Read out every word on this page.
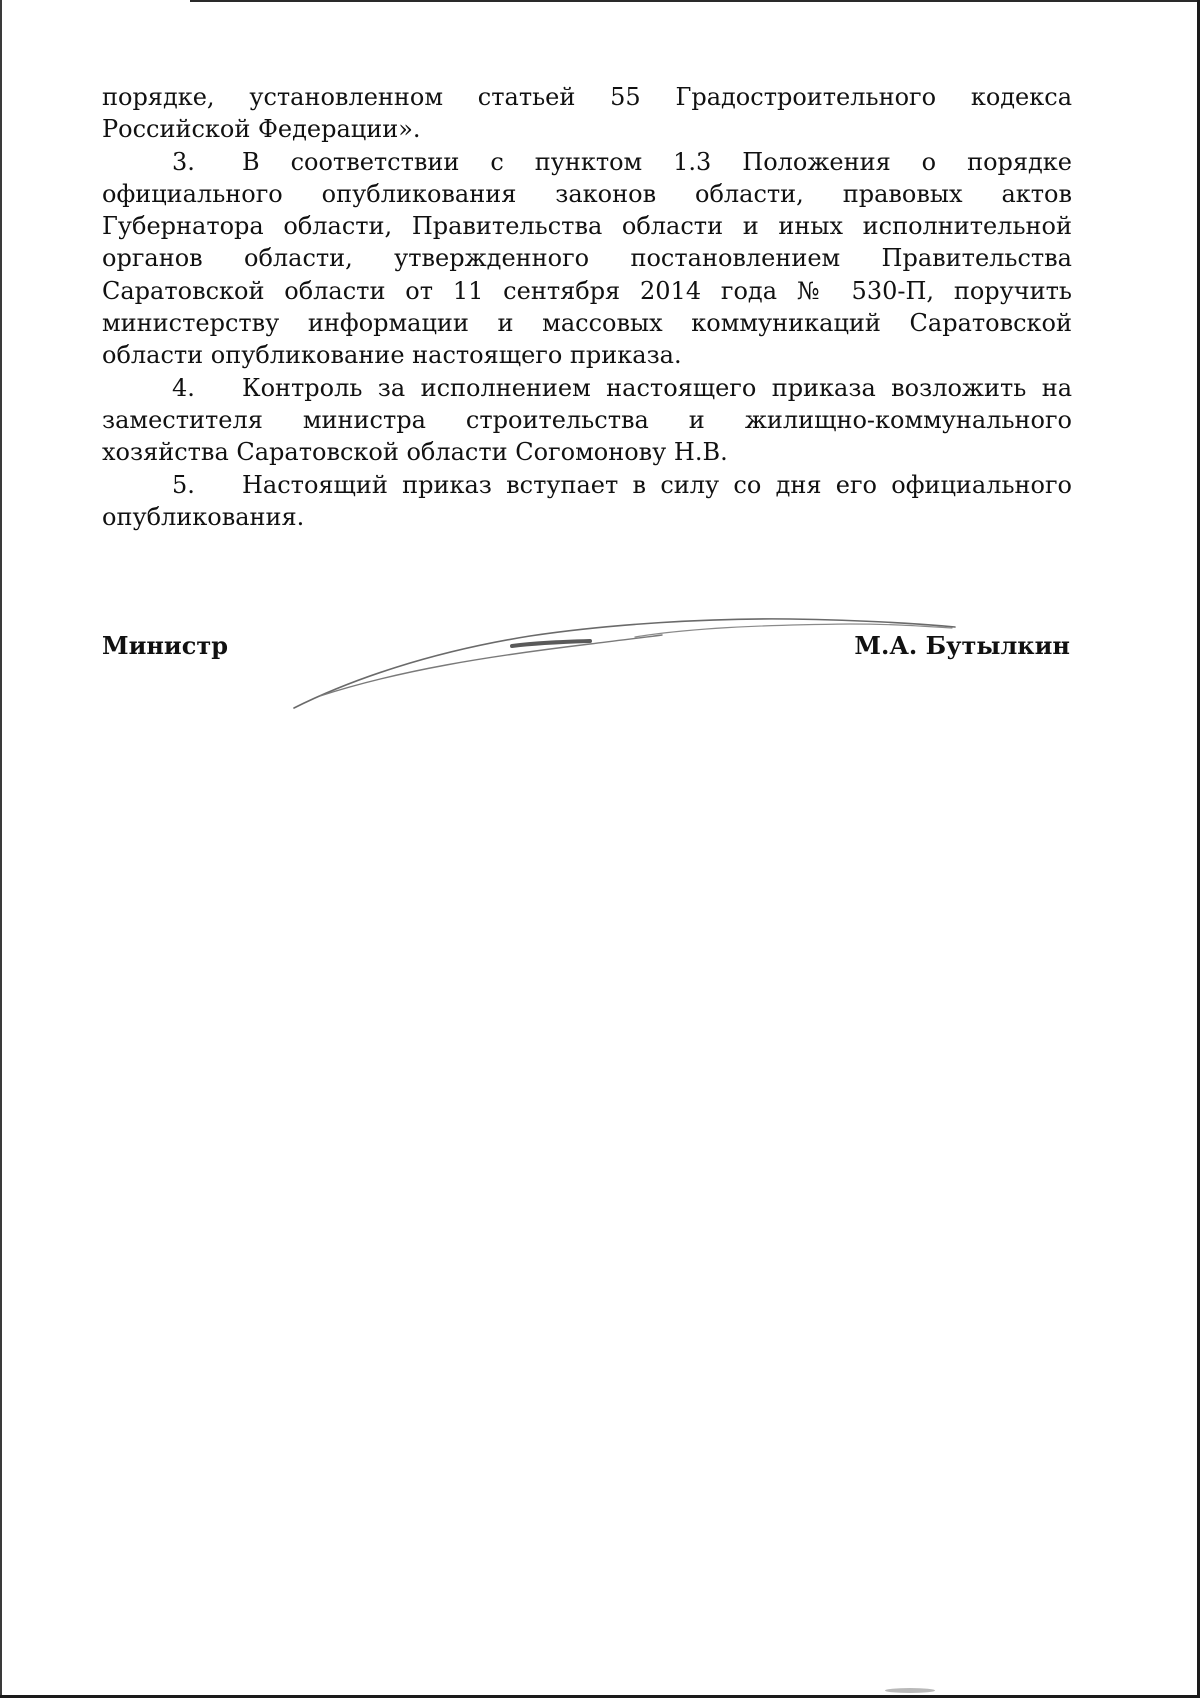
порядке, установленном статьей 55 Градостроительного кодекса Российской Федерации».

3. В соответствии с пунктом 1.3 Положения о порядке официального опубликования законов области, правовых актов Губернатора области, Правительства области и иных исполнительной органов области, утвержденного постановлением Правительства Саратовской области от 11 сентября 2014 года № 530-П, поручить министерству информации и массовых коммуникаций Саратовской области опубликование настоящего приказа.

4. Контроль за исполнением настоящего приказа возложить на заместителя министра строительства и жилищно-коммунального хозяйства Саратовской области Согомонову Н.В.

5. Настоящий приказ вступает в силу со дня его официального опубликования.

Министр	М.А. Бутылкин
